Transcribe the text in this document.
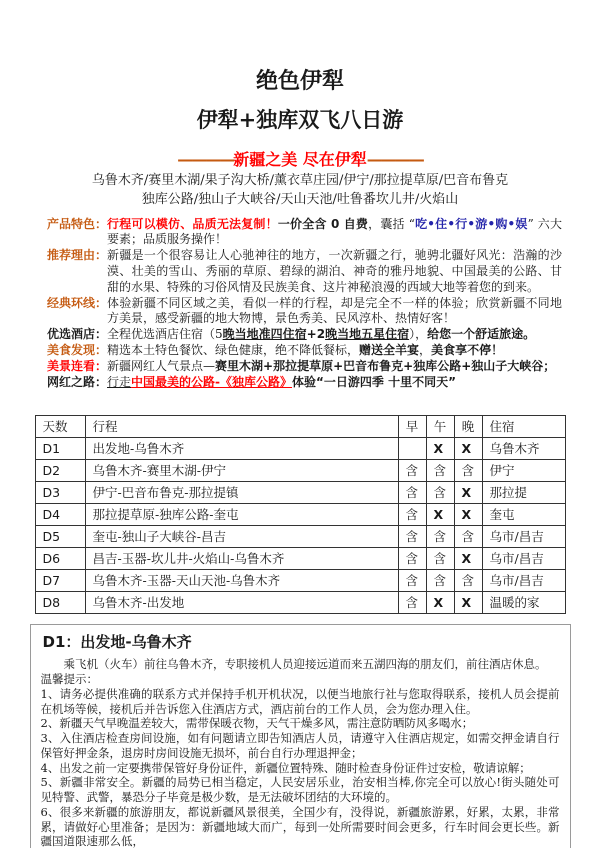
绝色伊犁
伊犁+独库双飞八日游
————新疆之美 尽在伊犁————
乌鲁木齐/赛里木湖/果子沟大桥/薰衣草庄园/伊宁/那拉提草原/巴音布鲁克
独库公路/独山子大峡谷/天山天池/吐鲁番坎儿井/火焰山
产品特色： 行程可以模仿、品质无法复制！一价全含 0 自费，囊括 “吃•住•行•游•购•娱” 六大要素；品质服务操作！
推荐理由： 新疆是一个很容易让人心驰神往的地方，一次新疆之行，驰骋北疆好风光：浩瀚的沙漠、壮美的雪山、秀丽的草原、碧绿的湖泊、神奇的雅丹地貌、中国最美的公路、甘甜的水果、特殊的习俗风情及民族美食、这片神秘浪漫的西域大地等着您的到来。
经典环线： 体验新疆不同区域之美，看似一样的行程，却是完全不一样的体验；欣赏新疆不同地方美景，感受新疆的地大物博，景色秀美、民风淳朴、热情好客！
优选酒店： 全程优选酒店住宿（5晚当地准四住宿+2晚当地五星住宿），给您一个舒适旅途。
美食发现： 精选本土特色餐饮、绿色健康，绝不降低餐标，赠送全羊宴，美食享不停！
美景连看： 新疆网红人气景点—赛里木湖+那拉提草原+巴音布鲁克+独库公路+独山子大峡谷；
网红之路： 行走中国最美的公路-《独库公路》体验“一日游四季 十里不同天”
天数	行程	早	午	晚	住宿
D1	出发地-乌鲁木齐		X	X	乌鲁木齐
D2	乌鲁木齐-赛里木湖-伊宁	含	含	含	伊宁
D3	伊宁-巴音布鲁克-那拉提镇	含	含	X	那拉提
D4	那拉提草原-独库公路-奎屯	含	X	X	奎屯
D5	奎屯-独山子大峡谷-昌吉	含	含	含	乌市/昌吉
D6	昌吉-玉器-坎儿井-火焰山-乌鲁木齐	含	含	X	乌市/昌吉
D7	乌鲁木齐-玉器-天山天池-乌鲁木齐	含	含	含	乌市/昌吉
D8	乌鲁木齐-出发地	含	X	X	温暖的家
D1：出发地-乌鲁木齐

乘飞机（火车）前往乌鲁木齐，专职接机人员迎接远道而来五湖四海的朋友们，前往酒店休息。

温馨提示：
1、请务必提供准确的联系方式并保持手机开机状况，以便当地旅行社与您取得联系，接机人员会提前在机场等候，接机后并告诉您入住酒店方式，酒店前台的工作人员，会为您办理入住。
2、新疆天气早晚温差较大，需带保暖衣物，天气干燥多风，需注意防晒防风多喝水；
3、入住酒店检查房间设施，如有问题请立即告知酒店人员，请遵守入住酒店规定，如需交押金请自行保管好押金条，退房时房间设施无损坏，前台自行办理退押金；
4、出发之前一定要携带保管好身份证件，新疆位置特殊、随时检查身份证件过安检，敬请谅解；
5、新疆非常安全。新疆的局势已相当稳定，人民安居乐业，治安相当棒,你完全可以放心!街头随处可见特警、武警，暴恐分子毕竟是极少数，是无法破坏团结的大环境的。
6、很多来新疆的旅游朋友，都说新疆风景很美，全国少有，没得说，新疆旅游累，好累，太累，非常累，请做好心里准备；是因为：新疆地域大而广，每到一处所需要时间会更多，行车时间会更长些。新疆国道限速那么低，
